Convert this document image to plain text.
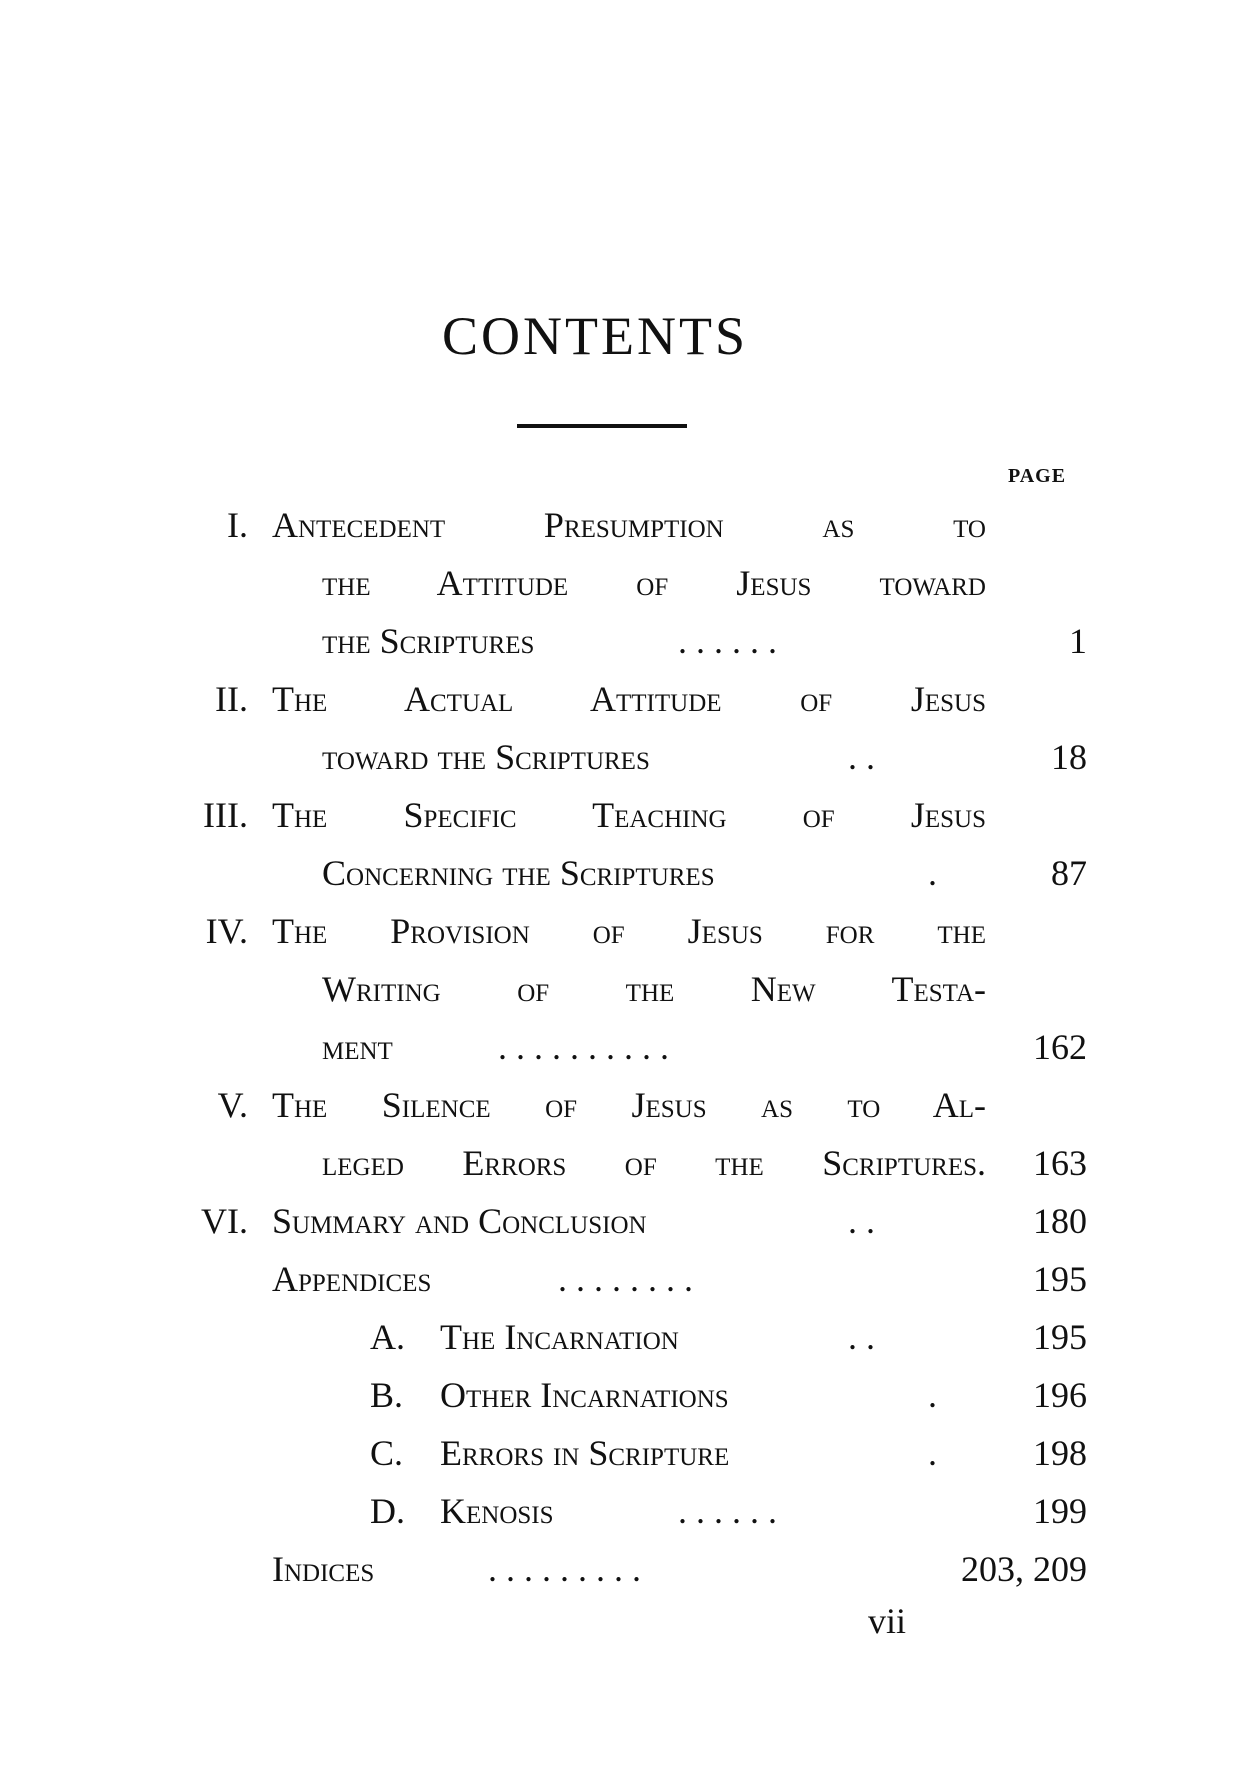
CONTENTS
PAGE
I. Antecedent Presumption as to
the Attitude of Jesus toward
the Scriptures	. . . . . .	1
II. The Actual Attitude of Jesus
toward the Scriptures	. .	18
III. The Specific Teaching of Jesus
Concerning the Scriptures	.	87
IV. The Provision of Jesus for the
Writing of the New Testa-
ment	. . . . . . . . . .	162
V. The Silence of Jesus as to Al-
leged Errors of the Scriptures. 163
VI. Summary and Conclusion	. .	180
Appendices	. . . . . . . .	195
A. The Incarnation	. .	195
B. Other Incarnations	.	196
C. Errors in Scripture	.	198
D. Kenosis	. . . . . .	199
Indices	. . . . . . . . .	203, 209
vii
